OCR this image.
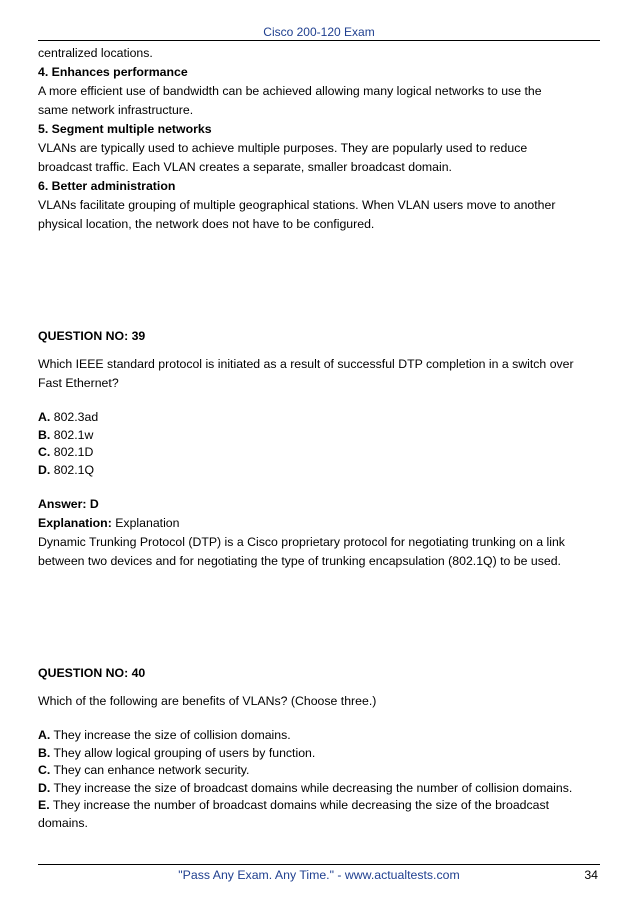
Cisco 200-120 Exam

centralized locations.

4. Enhances performance

A more efficient use of bandwidth can be achieved allowing many logical networks to use the

same network infrastructure.

5. Segment multiple networks

VLANs are typically used to achieve multiple purposes. They are popularly used to reduce

broadcast traffic. Each VLAN creates a separate, smaller broadcast domain.

6. Better administration

VLANs facilitate grouping of multiple geographical stations. When VLAN users move to another

physical location, the network does not have to be configured.

QUESTION NO: 39

Which IEEE standard protocol is initiated as a result of successful DTP completion in a switch over

Fast Ethernet?

A. 802.3ad

B. 802.1w

C. 802.1D

D. 802.1Q

Answer: D

Explanation: Explanation

Dynamic Trunking Protocol (DTP) is a Cisco proprietary protocol for negotiating trunking on a link

between two devices and for negotiating the type of trunking encapsulation (802.1Q) to be used.

QUESTION NO: 40

Which of the following are benefits of VLANs? (Choose three.)

A. They increase the size of collision domains.

B. They allow logical grouping of users by function.

C. They can enhance network security.

D. They increase the size of broadcast domains while decreasing the number of collision domains.

E. They increase the number of broadcast domains while decreasing the size of the broadcast

domains.

"Pass Any Exam. Any Time." - www.actualtests.com	34
